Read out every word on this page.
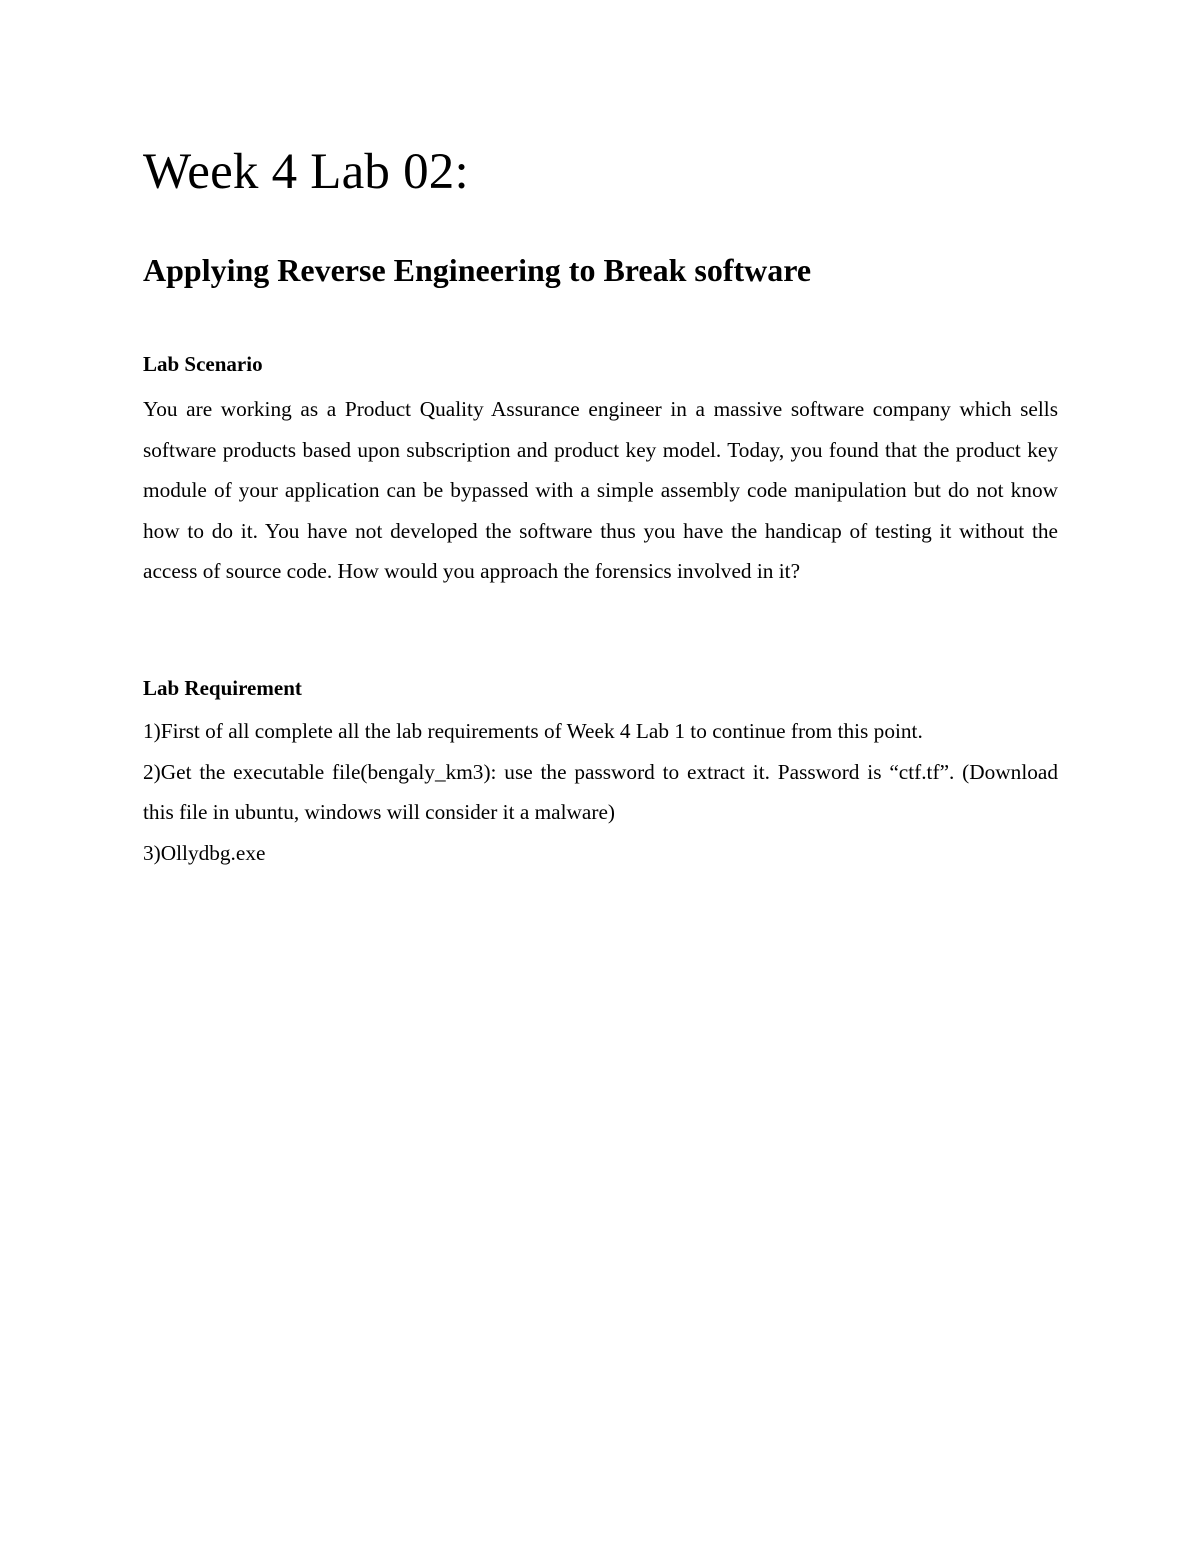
Week 4 Lab 02:
Applying Reverse Engineering to Break software
Lab Scenario

You are working as a Product Quality Assurance engineer in a massive software company which sells software products based upon subscription and product key model. Today, you found that the product key module of your application can be bypassed with a simple assembly code manipulation but do not know how to do it. You have not developed the software thus you have the handicap of testing it without the access of source code. How would you approach the forensics involved in it?

Lab Requirement
1)First of all complete all the lab requirements of Week 4 Lab 1 to continue from this point.
2)Get the executable file(bengaly_km3): use the password to extract it. Password is “ctf.tf”. (Download this file in ubuntu, windows will consider it a malware)
3)Ollydbg.exe
